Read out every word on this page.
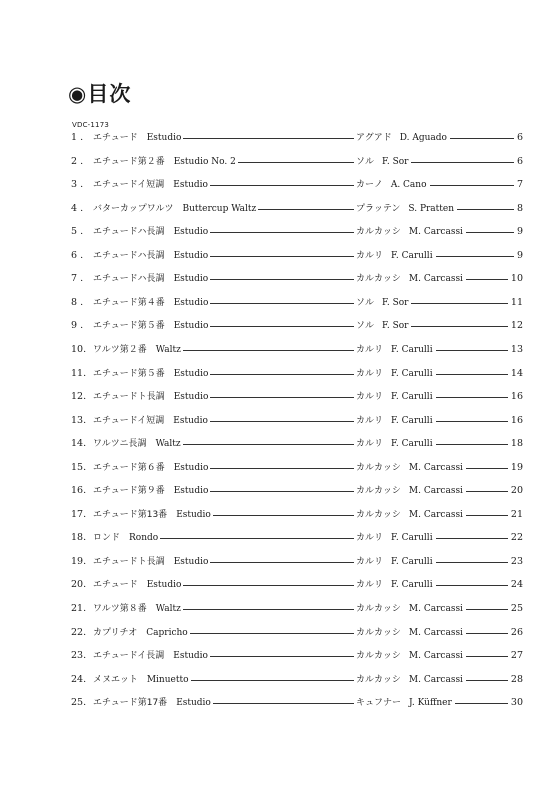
◉目次
VDC-1173
1 .	エチュード Estudio	アグアド D. Aguado	6
2 .	エチュード第２番 Estudio No. 2	ソル F. Sor	6
3 .	エチュードイ短調 Estudio	カーノ A. Cano	7
4 .	バターカップワルツ Buttercup Waltz	プラッテン S. Pratten	8
5 .	エチュードハ長調 Estudio	カルカッシ M. Carcassi	9
6 .	エチュードハ長調 Estudio	カルリ F. Carulli	9
7 .	エチュードハ長調 Estudio	カルカッシ M. Carcassi	10
8 .	エチュード第４番 Estudio	ソル F. Sor	11
9 .	エチュード第５番 Estudio	ソル F. Sor	12
10. ワルツ第２番 Waltz	カルリ F. Carulli	13
11. エチュード第５番 Estudio	カルリ F. Carulli	14
12. エチュードト長調 Estudio	カルリ F. Carulli	16
13. エチュードイ短調 Estudio	カルリ F. Carulli	16
14. ワルツニ長調 Waltz	カルリ F. Carulli	18
15. エチュード第６番 Estudio	カルカッシ M. Carcassi	19
16. エチュード第９番 Estudio	カルカッシ M. Carcassi	20
17. エチュード第13番 Estudio	カルカッシ M. Carcassi	21
18. ロンド Rondo	カルリ F. Carulli	22
19. エチュードト長調 Estudio	カルリ F. Carulli	23
20. エチュード Estudio	カルリ F. Carulli	24
21. ワルツ第８番 Waltz	カルカッシ M. Carcassi	25
22. カプリチオ Capricho	カルカッシ M. Carcassi	26
23. エチュードイ長調 Estudio	カルカッシ M. Carcassi	27
24. メヌエット Minuetto	カルカッシ M. Carcassi	28
25. エチュード第17番 Estudio	キュフナー J. Küffner	30
